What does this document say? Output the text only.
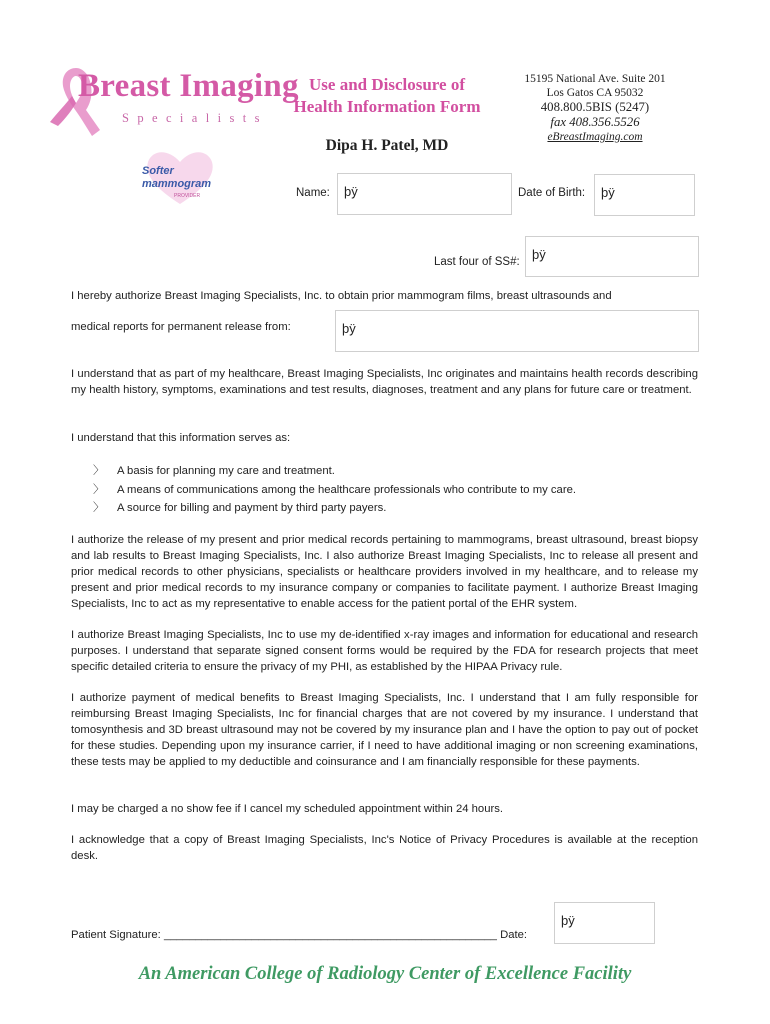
Breast Imaging
Specialists
Softer
mammogram
PROVIDER
Use and Disclosure of
Health Information Form
Dipa H. Patel, MD
15195 National Ave. Suite 201
Los Gatos CA 95032
408.800.5BIS (5247)
fax 408.356.5526
eBreastImaging.com
Name:	þÿ	Date of Birth:	þÿ
Last four of SS#: þÿ
I hereby authorize Breast Imaging Specialists, Inc. to obtain prior mammogram films, breast ultrasounds and
medical reports for permanent release from:	þÿ
I understand that as part of my healthcare, Breast Imaging Specialists, Inc originates and maintains health records describing my health history, symptoms, examinations and test results, diagnoses, treatment and any plans for future care or treatment.
I understand that this information serves as:
〉 A basis for planning my care and treatment.
〉 A means of communications among the healthcare professionals who contribute to my care.
〉 A source for billing and payment by third party payers.
I authorize the release of my present and prior medical records pertaining to mammograms, breast ultrasound, breast biopsy and lab results to Breast Imaging Specialists, Inc. I also authorize Breast Imaging Specialists, Inc to release all present and prior medical records to other physicians, specialists or healthcare providers involved in my healthcare, and to release my present and prior medical records to my insurance company or companies to facilitate payment. I authorize Breast Imaging Specialists, Inc to act as my representative to enable access for the patient portal of the EHR system.
I authorize Breast Imaging Specialists, Inc to use my de-identified x-ray images and information for educational and research purposes. I understand that separate signed consent forms would be required by the FDA for research projects that meet specific detailed criteria to ensure the privacy of my PHI, as established by the HIPAA Privacy rule.
I authorize payment of medical benefits to Breast Imaging Specialists, Inc. I understand that I am fully responsible for reimbursing Breast Imaging Specialists, Inc for financial charges that are not covered by my insurance. I understand that tomosynthesis and 3D breast ultrasound may not be covered by my insurance plan and I have the option to pay out of pocket for these studies. Depending upon my insurance carrier, if I need to have additional imaging or non screening examinations, these tests may be applied to my deductible and coinsurance and I am financially responsible for these payments.
I may be charged a no show fee if I cancel my scheduled appointment within 24 hours.
I acknowledge that a copy of Breast Imaging Specialists, Inc's Notice of Privacy Procedures is available at the reception desk.
Patient Signature: _____________________________________________________ Date:
þÿ
An American College of Radiology Center of Excellence Facility
